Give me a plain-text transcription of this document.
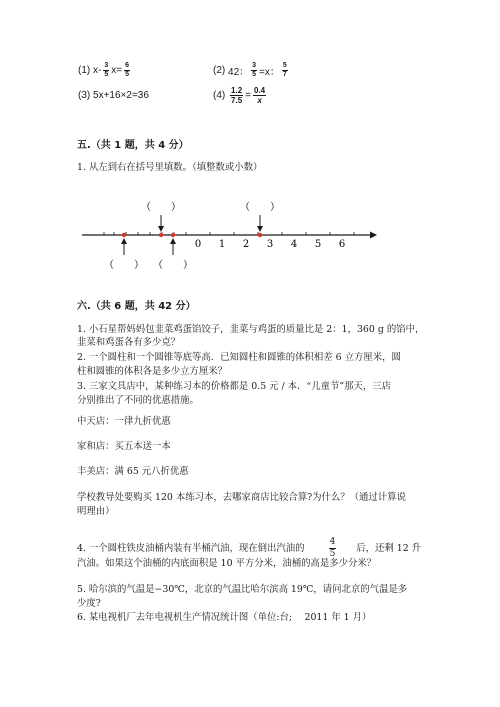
(1)
$x- \frac{3}{5} x= \frac{6}{5}$	(2)
42： $\frac{3}{5} =x$： $\frac{5}{7}$
(3)
5x+16×2=36	(4)
$\frac{1.2}{7.5} = \frac{0.4}{x}$
五.（共 1 题，共 4 分）
1. 从左到右在括号里填数。（填整数或小数）
0 1 2 3 4 5 6
（　　）	（　　）
（　　） （　　）
六.（共 6 题，共 42 分）
1. 小石星帮妈妈包韭菜鸡蛋馅饺子，韭菜与鸡蛋的质量比是 2：1，360 g 的馅中，
韭菜和鸡蛋各有多少克？
2. 一个圆柱和一个圆锥等底等高．已知圆柱和圆锥的体积相差 6 立方厘米，圆
柱和圆锥的体积各是多少立方厘米？
3. 三家文具店中，某种练习本的价格都是 0.5 元 / 本．“儿童节”那天，三店
分别推出了不同的优惠措施。
中天店：一律九折优惠
家和店：买五本送一本
丰美店：满 65 元八折优惠
学校教导处要购买 120 本练习本，去哪家商店比较合算?为什么？（通过计算说
明理由）
4. 一个圆柱铁皮油桶内装有半桶汽油，现在倒出汽油的	$\frac{4}{5}$ 后，还剩 12 升
汽油。如果这个油桶的内底面积是 10 平方分米，油桶的高是多少分米？
5. 哈尔滨的气温是−30℃，北京的气温比哈尔滨高 19℃，请问北京的气温是多
少度?
6. 某电视机厂去年电视机生产情况统计图（单位:台;　 2011 年 1 月）
